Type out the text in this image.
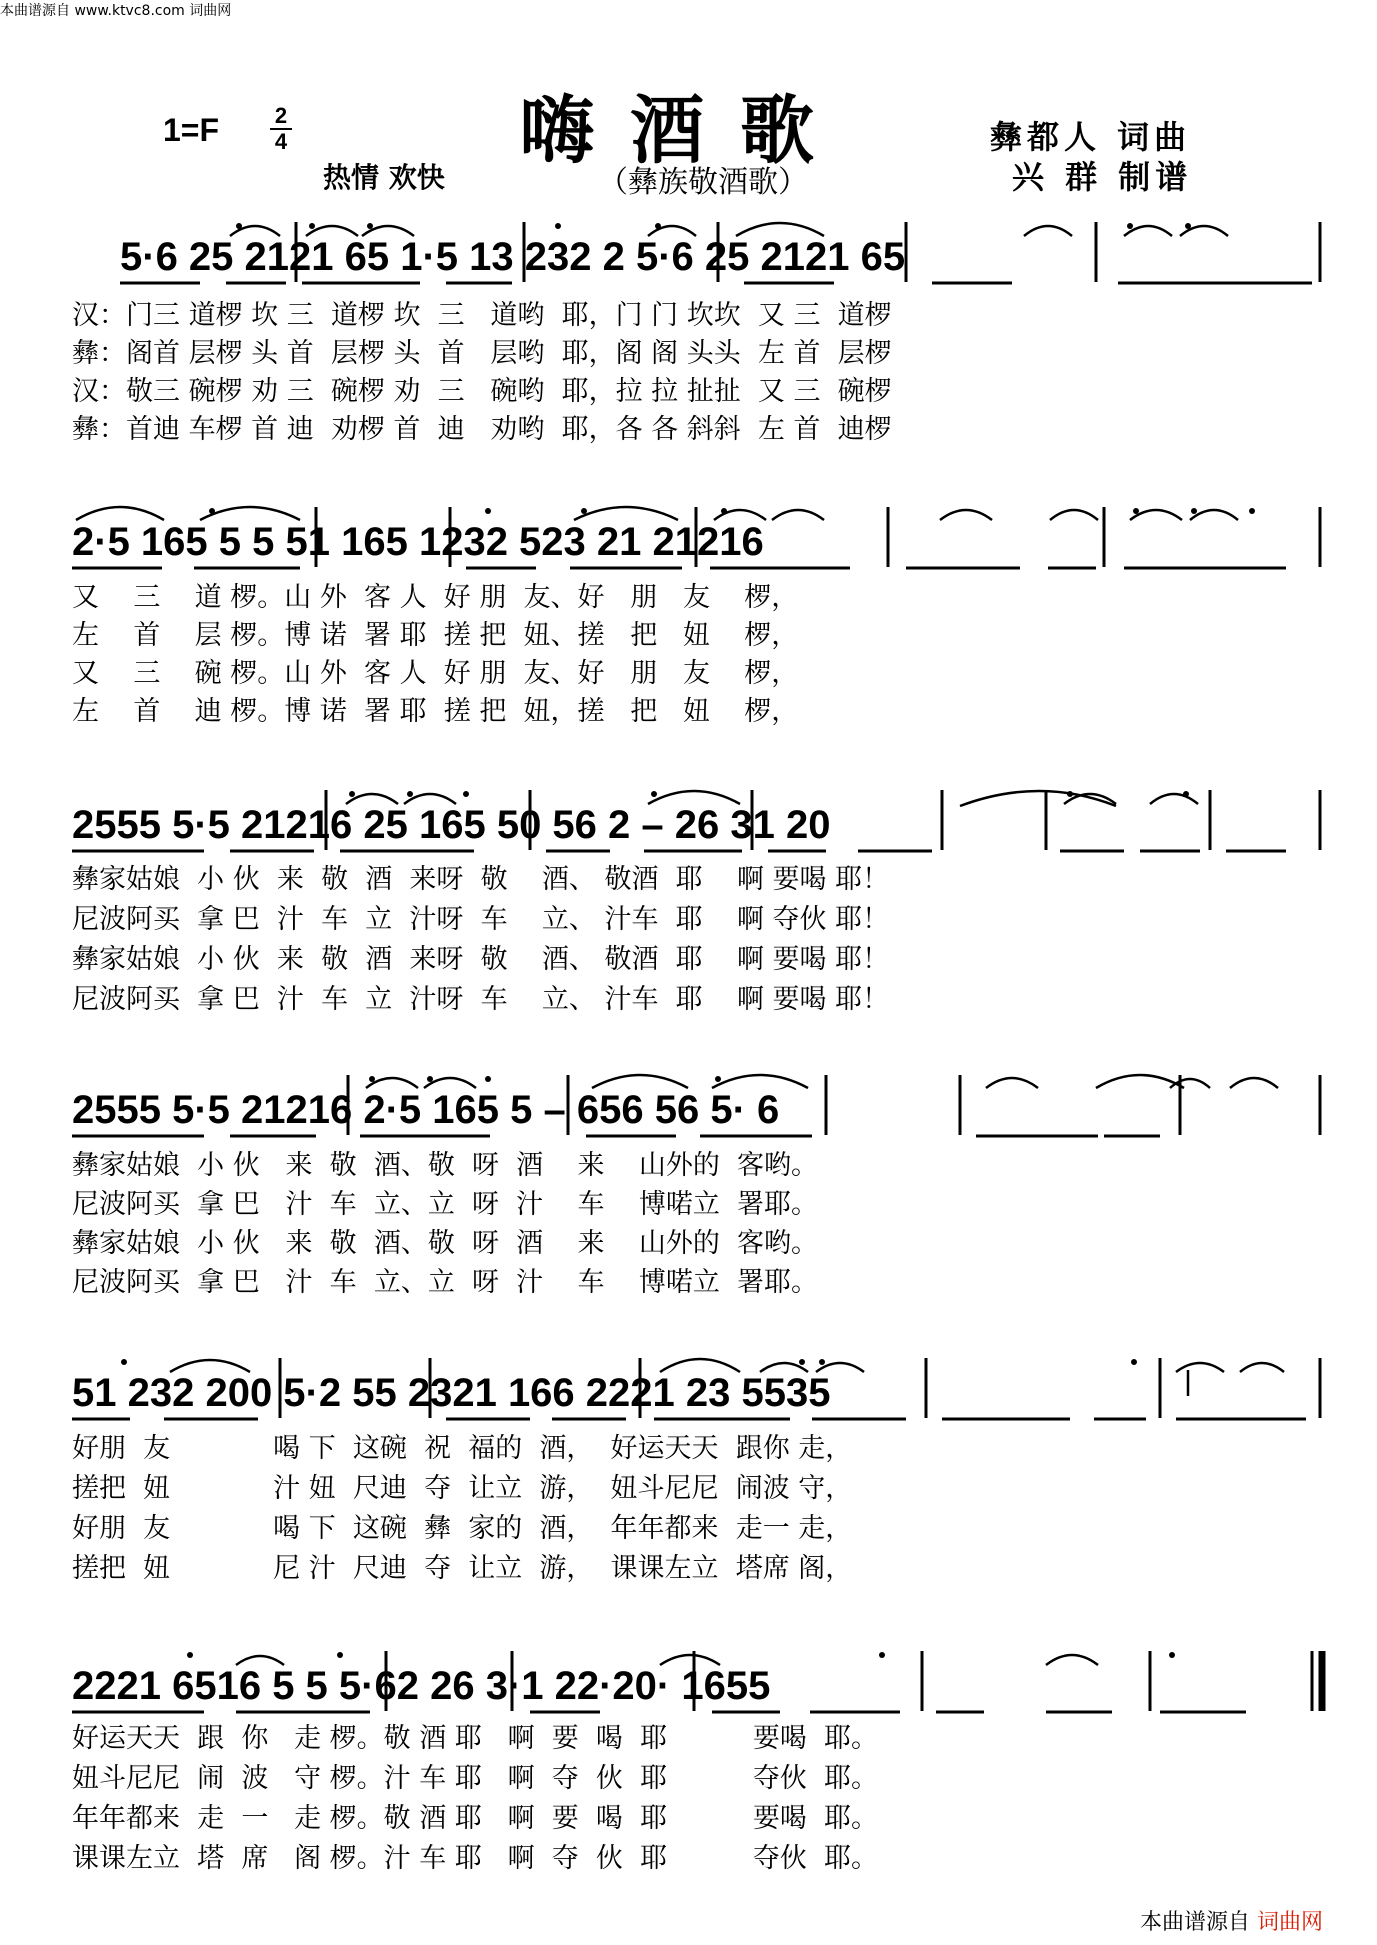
本曲谱源自 www.ktvc8.com 词曲网
1=F	2
4	嗨酒歌
（彝族敬酒歌）
热情 欢快
彝都人 词曲
兴 群 制谱
5·6 25 2121 65 1·5 13 232 2 5·6 25 2121 65
汉：门三 道椤 坎 三  道椤 坎  三   道哟  耶，门 门 坎坎  又 三  道椤
彝：阁首 层椤 头 首  层椤 头  首   层哟  耶，阁 阁 头头  左 首  层椤
汉：敬三 碗椤 劝 三  碗椤 劝  三   碗哟  耶，拉 拉 扯扯  又 三  碗椤
彝：首迪 车椤 首 迪  劝椤 首  迪   劝哟  耶，各 各 斜斜  左 首  迪椤
2·5 165 5 5 51 165 1232 523 21 21216
又    三    道 椤。山 外  客 人  好 朋  友、好   朋   友    椤，
左    首    层 椤。博 诺  署 耶  搓 把  妞、搓   把   妞    椤，
又    三    碗 椤。山 外  客 人  好 朋  友、好   朋   友    椤，
左    首    迪 椤。博 诺  署 耶  搓 把  妞，搓   把   妞    椤，
2555 5·5 21216 25 165 50 56 2 – 26 31 20
彝家姑娘  小 伙  来  敬  酒  来呀  敬    酒、 敬酒  耶    啊 要喝 耶！
尼波阿买  拿 巴  汁  车  立  汁呀  车    立、 汁车  耶    啊 夺伙 耶！
彝家姑娘  小 伙  来  敬  酒  来呀  敬    酒、 敬酒  耶    啊 要喝 耶！
尼波阿买  拿 巴  汁  车  立  汁呀  车    立、 汁车  耶    啊 要喝 耶！
2555 5·5 21216 2·5 165 5 – 656 56 5· 6
彝家姑娘  小 伙   来  敬  酒、敬  呀  酒    来    山外的  客哟。
尼波阿买  拿 巴   汁  车  立、立  呀  汁    车    博喏立  署耶。
彝家姑娘  小 伙   来  敬  酒、敬  呀  酒    来    山外的  客哟。
尼波阿买  拿 巴   汁  车  立、立  呀  汁    车    博喏立  署耶。
51 232 200 5·2 55 2321 166 2221 23 5535
好朋  友            喝 下  这碗  祝  福的  酒，  好运天天  跟你 走，
搓把  妞            汁 妞  尺迪  夺  让立  游，  妞斗尼尼  闹波 守，
好朋  友            喝 下  这碗  彝  家的  酒，  年年都来  走一 走，
搓把  妞            尼 汁  尺迪  夺  让立  游，  课课左立  塔席 阁，
2221 6516 5 5 5·62 26 3·1 22·20· 1655
好运天天  跟  你   走 椤。敬 酒 耶   啊  要  喝  耶          要喝  耶。
妞斗尼尼  闹  波   守 椤。汁 车 耶   啊  夺  伙  耶          夺伙  耶。
年年都来  走  一   走 椤。敬 酒 耶   啊  要  喝  耶          要喝  耶。
课课左立  塔  席   阁 椤。汁 车 耶   啊  夺  伙  耶          夺伙  耶。
本曲谱源自 词曲网
